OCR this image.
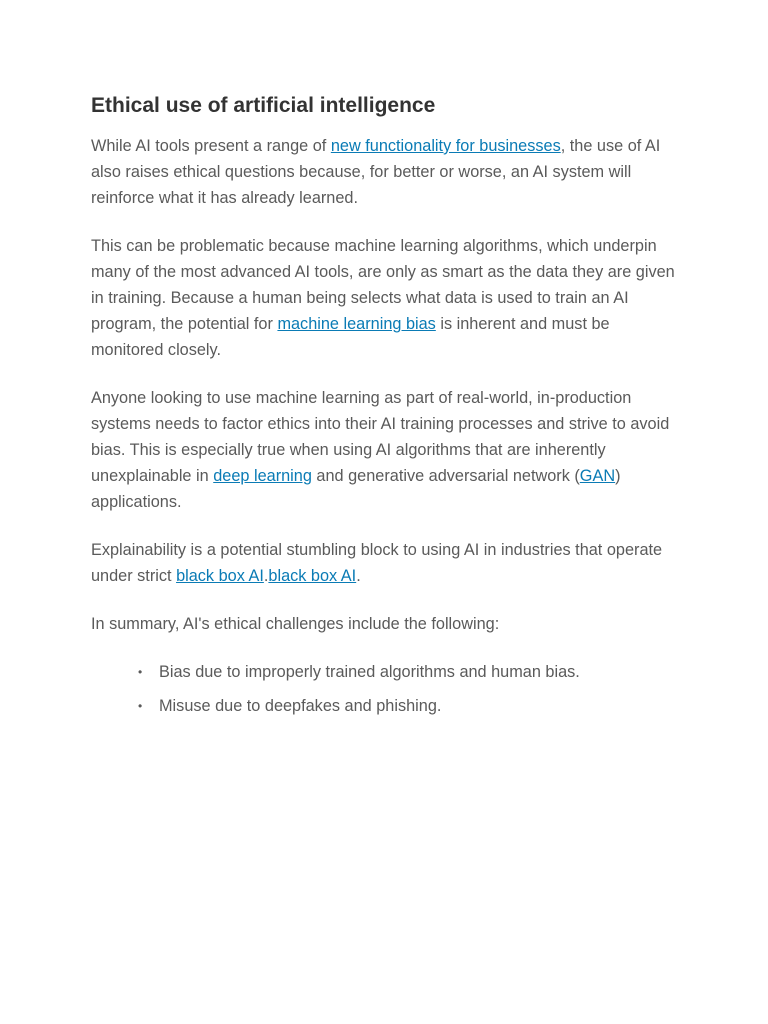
Ethical use of artificial intelligence

While AI tools present a range of new functionality for businesses, the use of AI also raises ethical questions because, for better or worse, an AI system will reinforce what it has already learned.

This can be problematic because machine learning algorithms, which underpin many of the most advanced AI tools, are only as smart as the data they are given in training. Because a human being selects what data is used to train an AI program, the potential for machine learning bias is inherent and must be monitored closely.

Anyone looking to use machine learning as part of real-world, in-production systems needs to factor ethics into their AI training processes and strive to avoid bias. This is especially true when using AI algorithms that are inherently unexplainable in deep learning and generative adversarial network (GAN) applications.

Explainability is a potential stumbling block to using AI in industries that operate under strict black box AI.black box AI.

In summary, AI's ethical challenges include the following:

• Bias due to improperly trained algorithms and human bias.
• Misuse due to deepfakes and phishing.
